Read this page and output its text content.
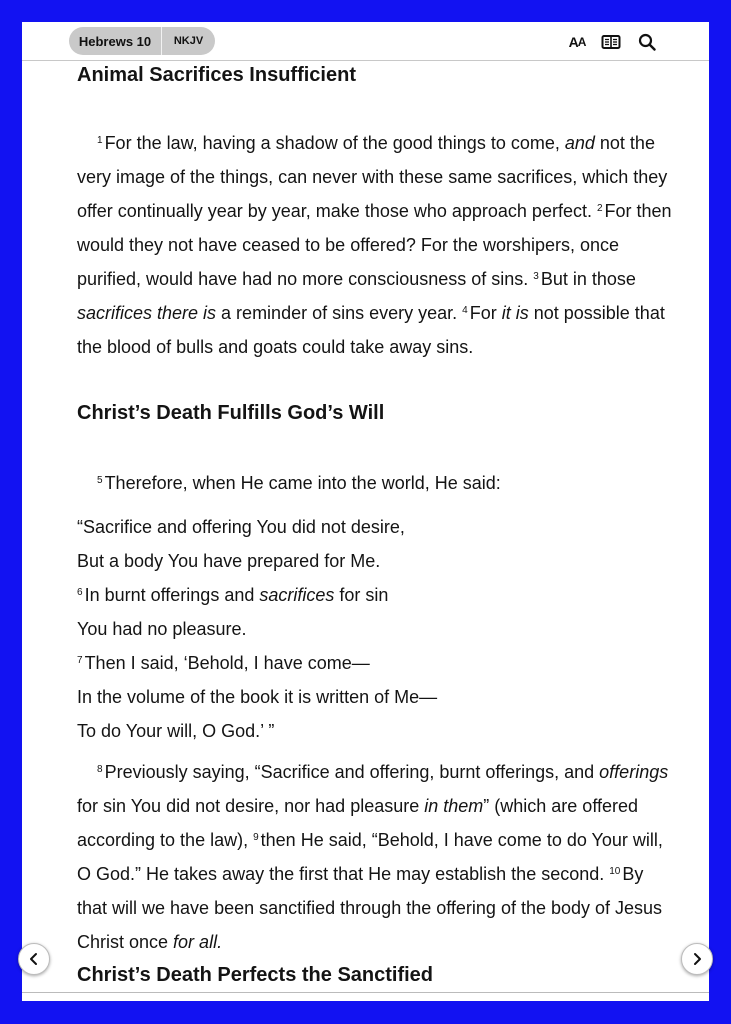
Hebrews 10	NKJV	A A
Animal Sacrifices Insufficient

$^1$ For the law, having a shadow of the good things to come, and not the very image of the things, can never with these same sacrifices, which they offer continually year by year, make those who approach perfect. $^2$ For then would they not have ceased to be offered? For the worshipers, once purified, would have had no more consciousness of sins. $^3$ But in those sacrifices there is a reminder of sins every year. $^4$ For it is not possible that the blood of bulls and goats could take away sins.

Christ’s Death Fulfills God’s Will

$^5$ Therefore, when He came into the world, He said:

“Sacrifice and offering You did not desire,
But a body You have prepared for Me.
$^6$ In burnt offerings and sacrifices for sin
You had no pleasure.
$^7$ Then I said, ‘Behold, I have come—
In the volume of the book it is written of Me—
To do Your will, O God.’ ”

$^8$ Previously saying, “Sacrifice and offering, burnt offerings, and offerings for sin You did not desire, nor had pleasure in them” (which are offered according to the law), $^9$ then He said, “Behold, I have come to do Your will, O God.” He takes away the first that He may establish the second. $^{10}$ By that will we have been sanctified through the offering of the body of Jesus Christ once for all.

Christ’s Death Perfects the Sanctified
